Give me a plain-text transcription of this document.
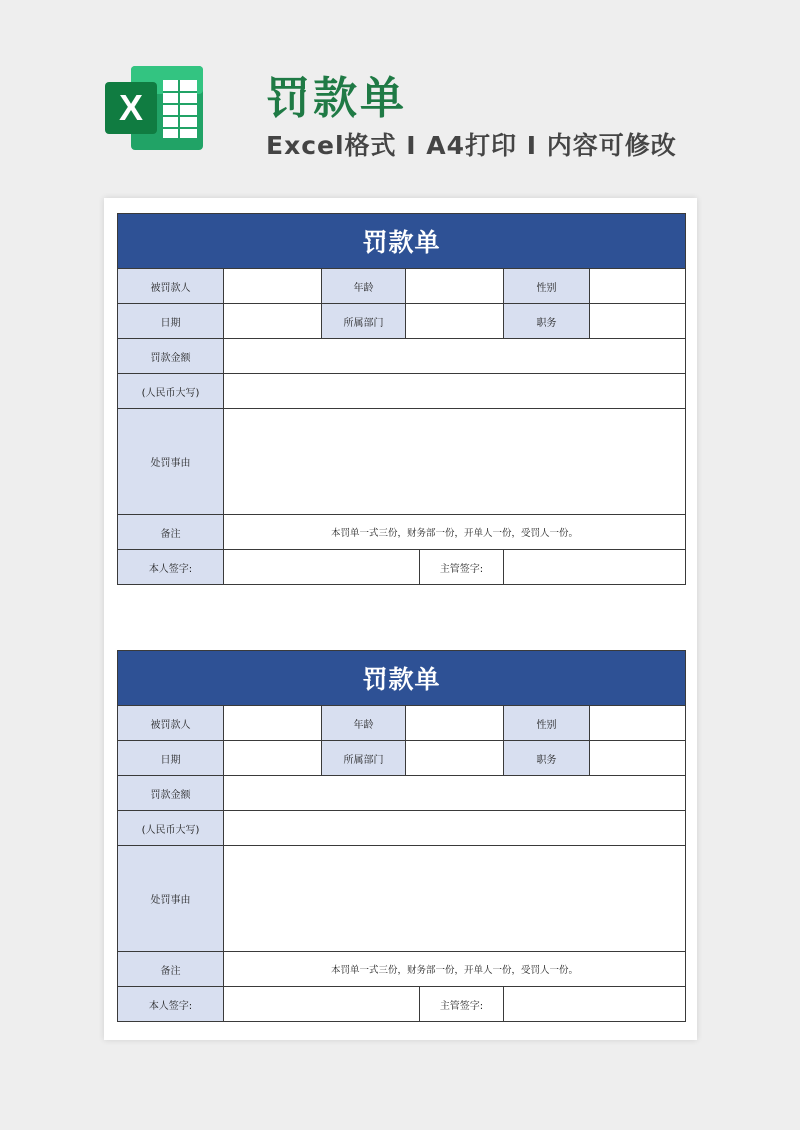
X	罚款单
Excel格式 I A4打印 I 内容可修改
罚款单						
被罚款人		年龄			性别	
日期		所属部门			职务	
罚款金额						
(人民币大写)						
处罚事由						
备注	本罚单一式三份，财务部一份，开单人一份，受罚人一份。					
本人签字:				主管签字:		
罚款单						
被罚款人		年龄			性别	
日期		所属部门			职务	
罚款金额						
(人民币大写)						
处罚事由						
备注	本罚单一式三份，财务部一份，开单人一份，受罚人一份。					
本人签字:				主管签字:		
